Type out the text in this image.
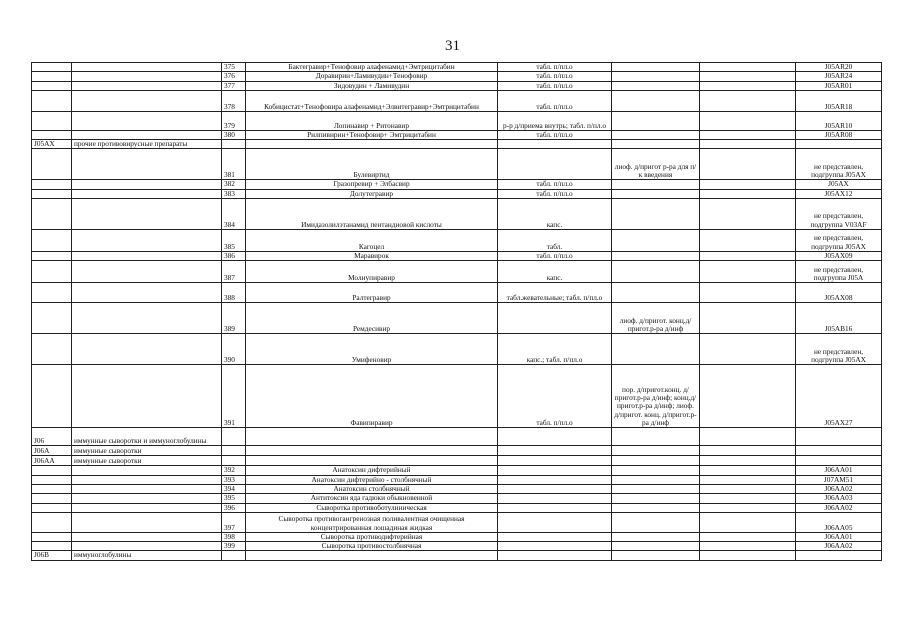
31
		375	Бактегравир+Тенофовир алафенамид+Эмтрицитабин	табл. п/пл.о			J05AR20
		376	Доравирин+Ламивудин+Тенофовир	табл. п/пл.о			J05AR24
		377	Зидовудин + Ламивудин	табл. п/пл.о			J05AR01
		378	Кобицистат+Тенофовира алафенамид+Элвитегравир+Эмтрицитабин	табл. п/пл.о			J05AR18
		379	Лопинавир + Ритонавир	р-р д/приема внутрь; табл. п/пл.о			J05AR10
		380	Рилпивирин+Тенофовир+ Эмтрицитабин	табл. п/пл.о			J05AR08
J05AX	прочие противовирусные препараты						
		381	Булевиртид		лиоф. д/пригот р-ра для п/к введения		не представлен, подгруппа J05AX
		382	Гразопревир + Элбасвир	табл. п/пл.о			J05AX
		383	Долутегравир	табл. п/пл.о			J05AX12
		384	Имидазолилэтанамид пентандиовой кислоты	капс.			не представлен, подгруппа V03AF
		385	Кагоцел	табл.			не представлен, подгруппа J05AX
		386	Маравирок	табл. п/пл.о			J05AX09
		387	Молнупиравир	капс.			не представлен, подгруппа J05A
		388	Ралтегравир	табл.жевательные; табл. п/пл.о			J05AX08
		389	Ремдесивир		лиоф. д/пригот. конц.д/пригот.р-ра д/инф		J05AB16
		390	Умифеновир	капс.; табл. п/пл.о			не представлен, подгруппа J05AX
		391	Фавипиравир	табл. п/пл.о	пор. д/пригот.конц. д/пригот.р-ра д/инф; конц.д/пригот.р-ра д/инф; лиоф. д/пригот. конц. д/пригот.р-ра д/инф		J05AX27
J06	иммунные сыворотки и иммуноглобулины						
J06A	иммунные сыворотки						
J06AA	иммунные сыворотки						
		392	Анатоксин дифтерийный				J06AA01
		393	Анатоксин дифтерийно - столбнячный				J07AM51
		394	Анатоксин столбнячный				J06AA02
		395	Антитоксин яда гадюки обыкновенной				J06AA03
		396	Сыворотка противоботулиническая				J06AA02
		397	Сыворотка противогангренозная поливалентная очищенная концентрированная лошадиная жидкая				J06AA05
		398	Сыворотка противодифтерийная				J06AA01
		399	Сыворотка противостолбнячная				J06AA02
J06B	иммуноглобулины						
